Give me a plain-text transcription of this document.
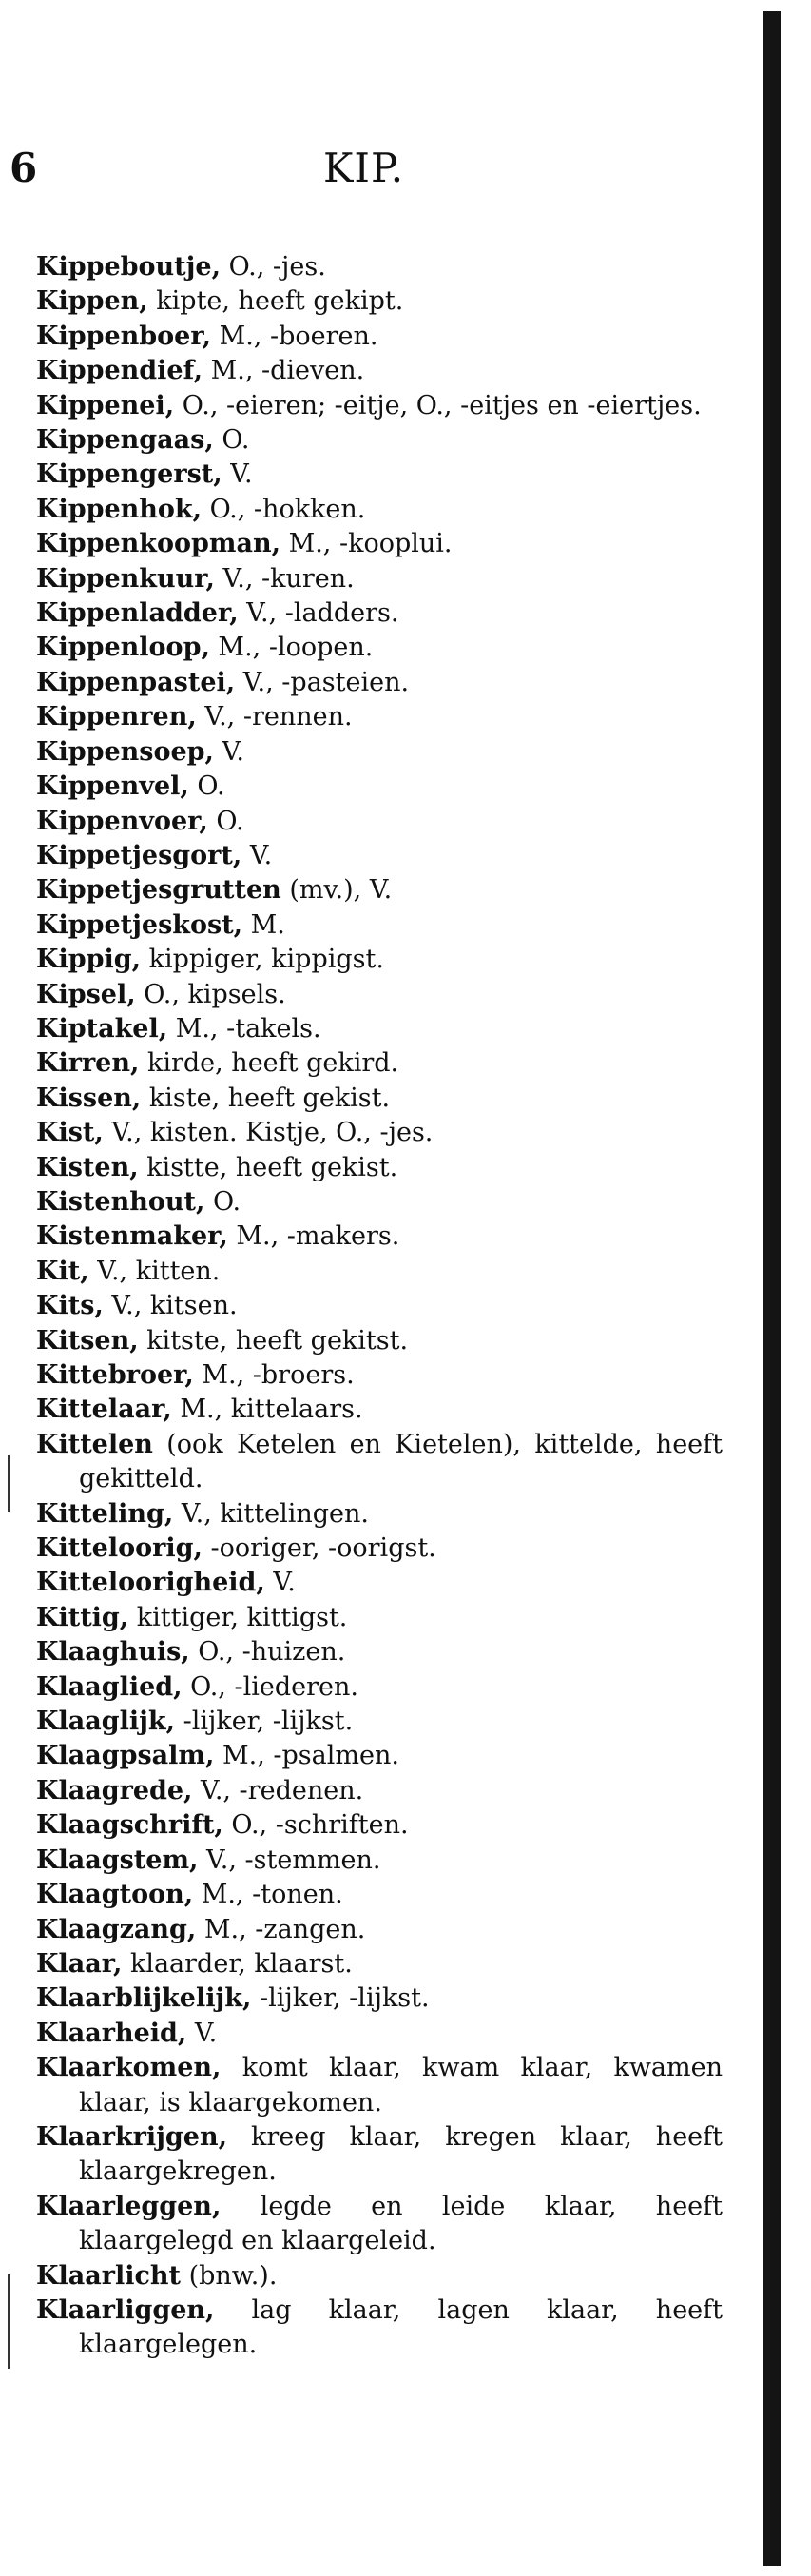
6	KIP.
Kippeboutje, O., -jes.
Kippen, kipte, heeft gekipt.
Kippenboer, M., -boeren.
Kippendief, M., -dieven.
Kippenei, O., -eieren; -eitje, O., -eitjes en -eiertjes.
Kippengaas, O.
Kippengerst, V.
Kippenhok, O., -hokken.
Kippenkoopman, M., -kooplui.
Kippenkuur, V., -kuren.
Kippenladder, V., -ladders.
Kippenloop, M., -loopen.
Kippenpastei, V., -pasteien.
Kippenren, V., -rennen.
Kippensoep, V.
Kippenvel, O.
Kippenvoer, O.
Kippetjesgort, V.
Kippetjesgrutten (mv.), V.
Kippetjeskost, M.
Kippig, kippiger, kippigst.
Kipsel, O., kipsels.
Kiptakel, M., -takels.
Kirren, kirde, heeft gekird.
Kissen, kiste, heeft gekist.
Kist, V., kisten. Kistje, O., -jes.
Kisten, kistte, heeft gekist.
Kistenhout, O.
Kistenmaker, M., -makers.
Kit, V., kitten.
Kits, V., kitsen.
Kitsen, kitste, heeft gekitst.
Kittebroer, M., -broers.
Kittelaar, M., kittelaars.
Kittelen (ook Ketelen en Kietelen), kittelde, heeft gekitteld.
Kitteling, V., kittelingen.
Kitteloorig, -ooriger, -oorigst.
Kitteloorigheid, V.
Kittig, kittiger, kittigst.
Klaaghuis, O., -huizen.
Klaaglied, O., -liederen.
Klaaglijk, -lijker, -lijkst.
Klaagpsalm, M., -psalmen.
Klaagrede, V., -redenen.
Klaagschrift, O., -schriften.
Klaagstem, V., -stemmen.
Klaagtoon, M., -tonen.
Klaagzang, M., -zangen.
Klaar, klaarder, klaarst.
Klaarblijkelijk, -lijker, -lijkst.
Klaarheid, V.
Klaarkomen, komt klaar, kwam klaar, kwamen klaar, is klaargekomen.
Klaarkrijgen, kreeg klaar, kregen klaar, heeft klaargekregen.
Klaarleggen, legde en leide klaar, heeft klaargelegd en klaargeleid.
Klaarlicht (bnw.).
Klaarliggen, lag klaar, lagen klaar, heeft klaargelegen.
